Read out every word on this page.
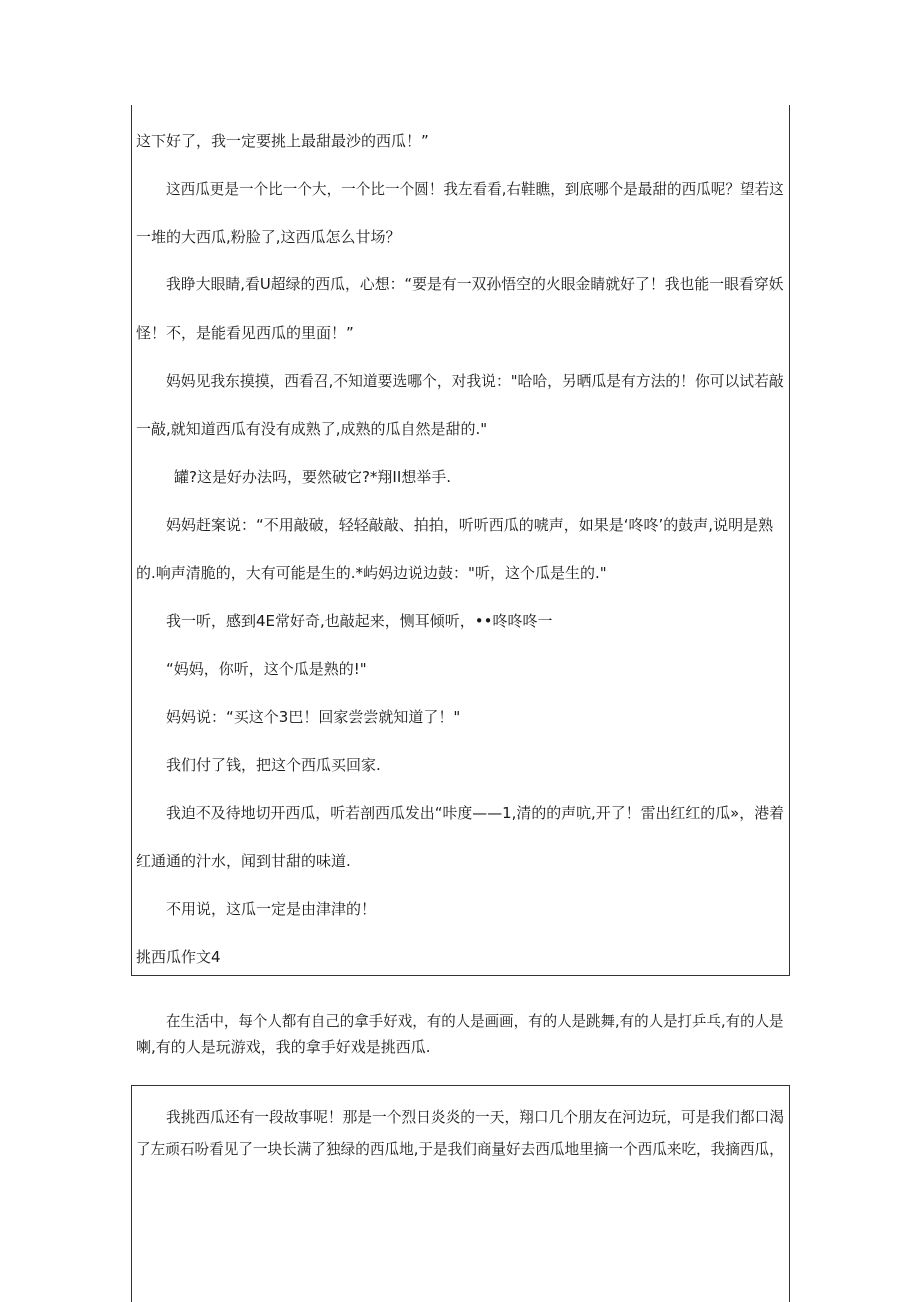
这下好了，我一定要挑上最甜最沙的西瓜！”
这西瓜更是一个比一个大，一个比一个圆！我左看看,右鞋瞧，到底哪个是最甜的西瓜呢？望若这
一堆的大西瓜,粉脸了,这西瓜怎么甘场？
我睁大眼睛,看U超绿的西瓜，心想：“要是有一双孙悟空的火眼金睛就好了！我也能一眼看穿妖
怪！不，是能看见西瓜的里面！”
妈妈见我东摸摸，西看召,不知道要选哪个，对我说："哈哈，另晒瓜是有方法的！你可以试若敲
一敲,就知道西瓜有没有成熟了,成熟的瓜自然是甜的."
罐?这是好办法吗，要然破它?*翔II想举手.
妈妈赶案说：“不用敲破，轻轻敲敲、拍拍，听听西瓜的唬声，如果是‘咚咚’的鼓声,说明是熟
的.响声清脆的，大有可能是生的.*屿妈边说边鼓："听，这个瓜是生的."
我一听，感到4E常好奇,也敲起来，恻耳倾听，••咚咚咚一
“妈妈，你听，这个瓜是熟的!"
妈妈说：“买这个3巴！回家尝尝就知道了！"
我们付了钱，把这个西瓜买回家.
我迫不及待地切开西瓜，听若剖西瓜发出“咔度——1,清的的声吭,开了！雷出红红的瓜»，港着
红通通的汁水，闻到甘甜的味道.
不用说，这瓜一定是由津津的！
挑西瓜作文4
在生活中，每个人都有自己的拿手好戏，有的人是画画，有的人是跳舞,有的人是打乒乓,有的人是
喇,有的人是玩游戏，我的拿手好戏是挑西瓜.
我挑西瓜还有一段故事呢！那是一个烈日炎炎的一天，翔口几个朋友在河边玩，可是我们都口渴
了左顽石吩看见了一块长满了独绿的西瓜地,于是我们商量好去西瓜地里摘一个西瓜来吃，我摘西瓜，
